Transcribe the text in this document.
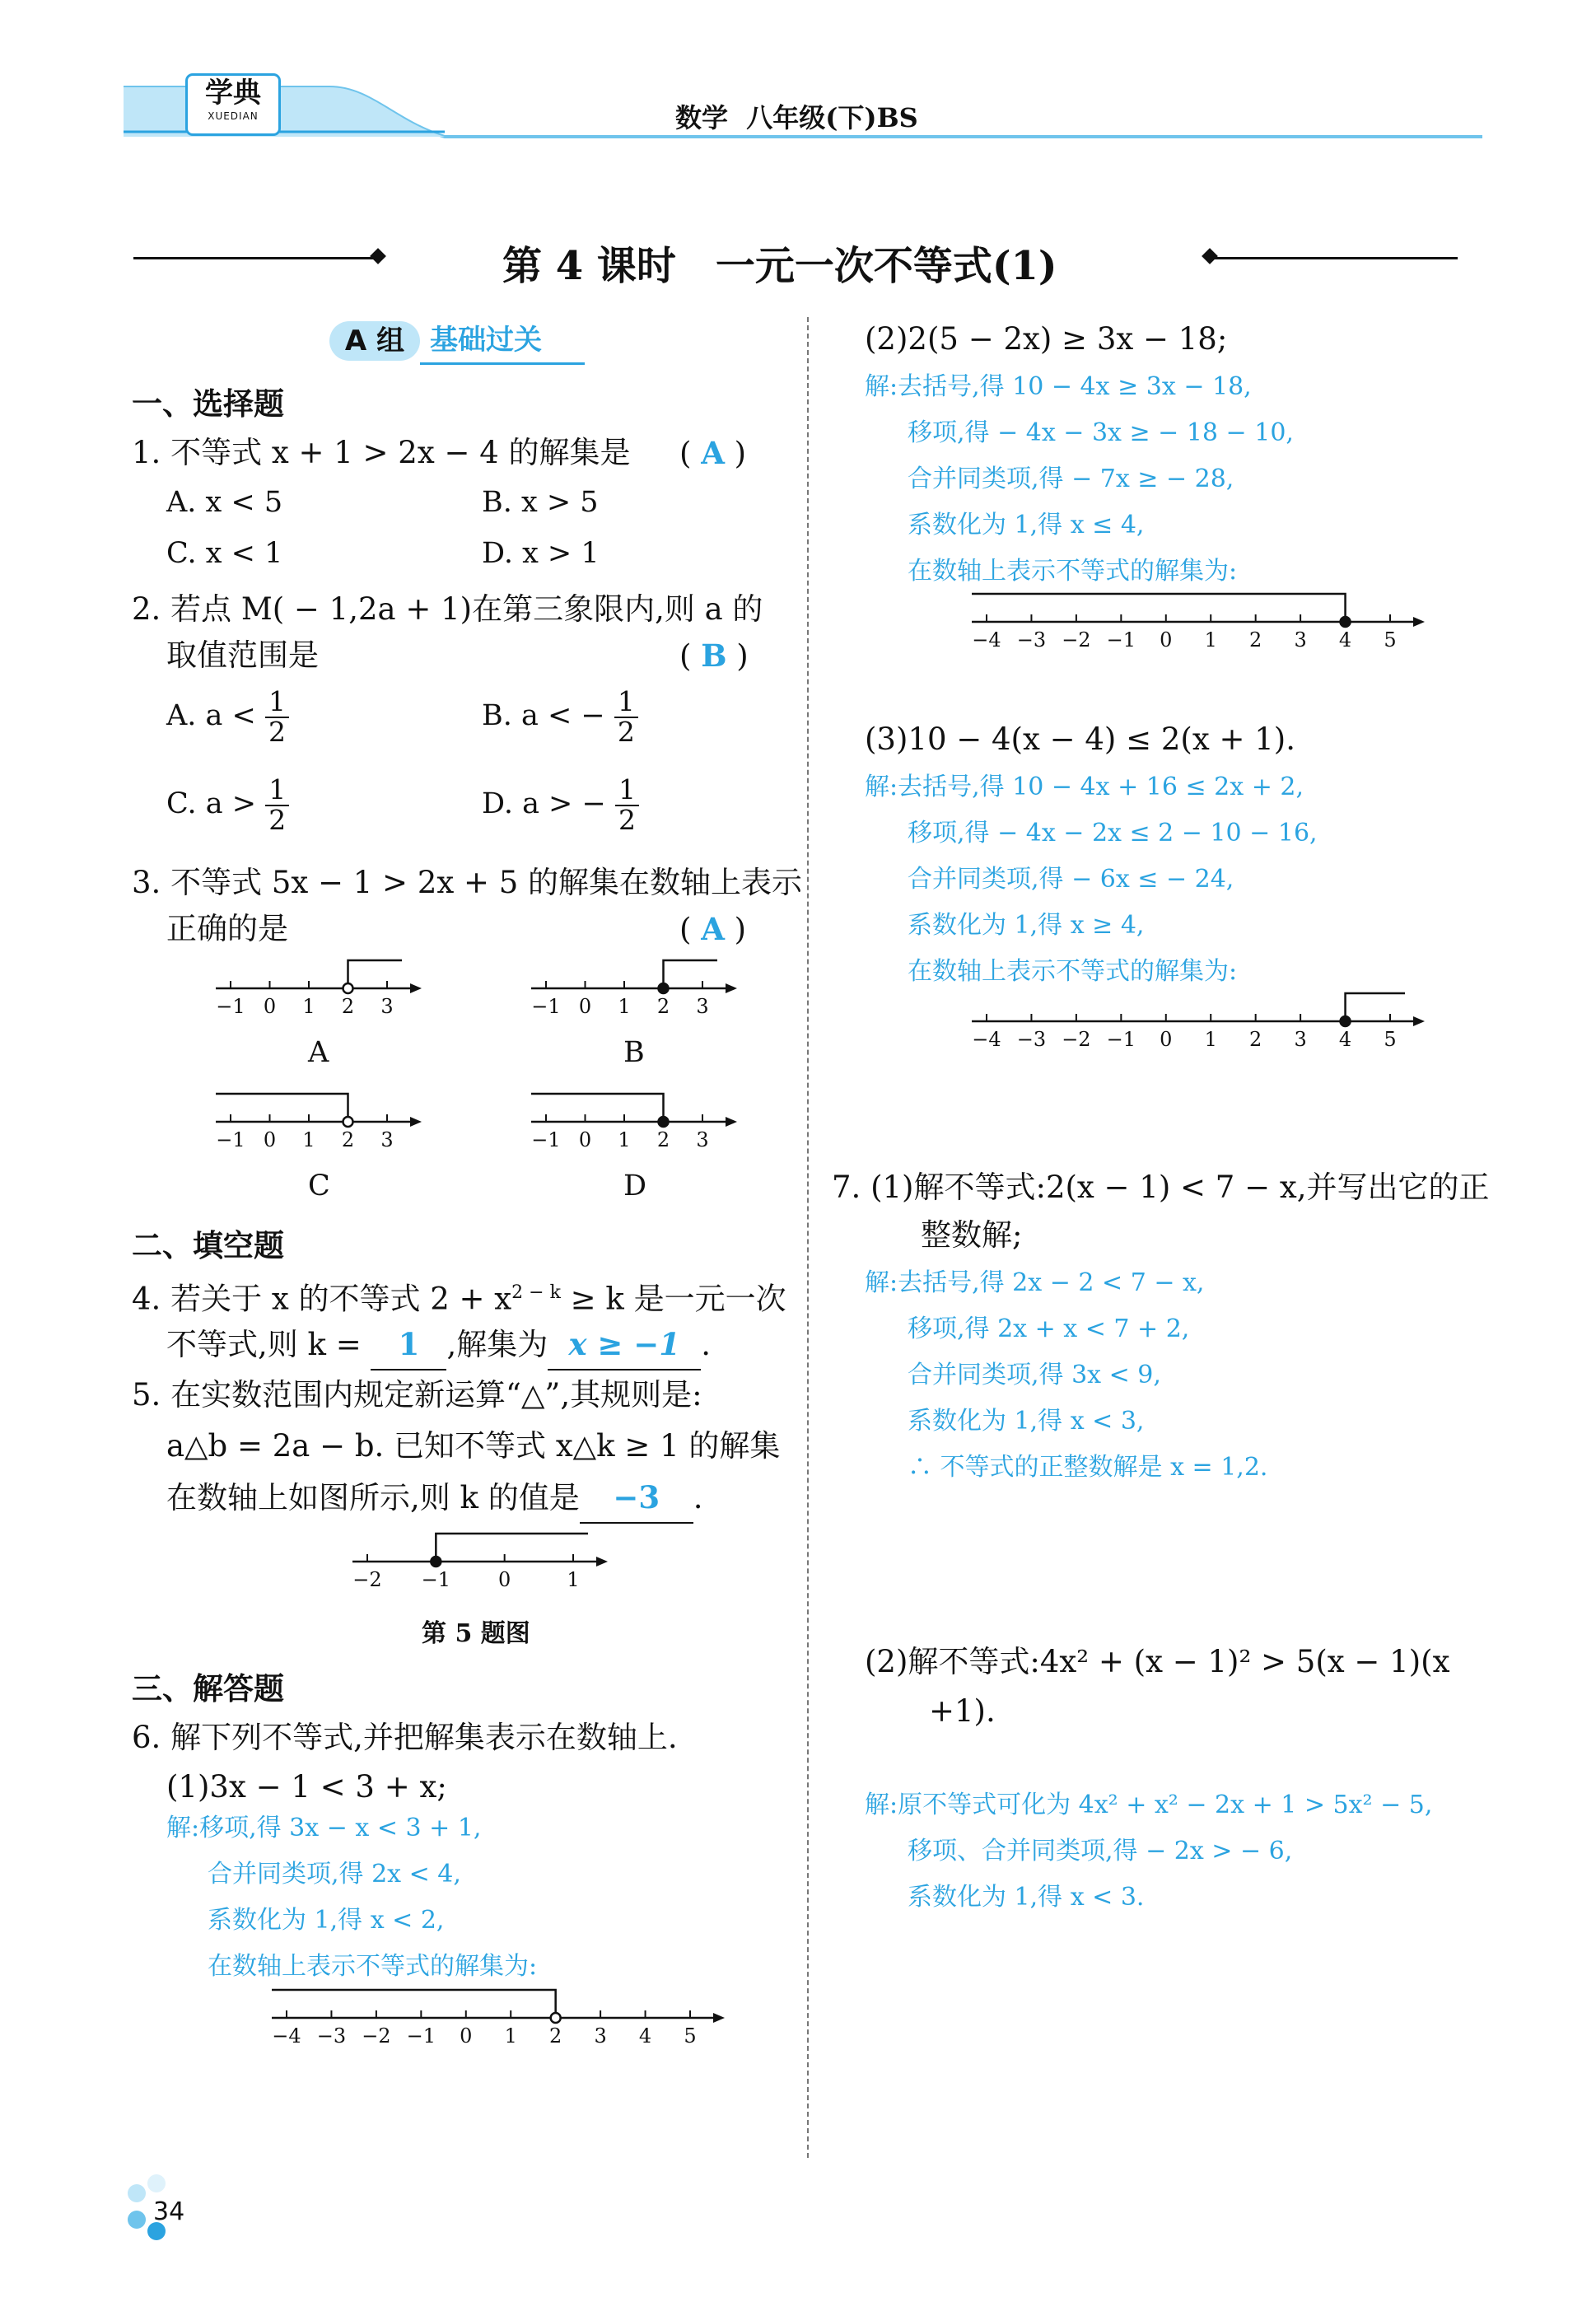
学典
XUEDIAN	数学  八年级(下)BS
第 4 课时　一元一次不等式(1)
A 组 基础过关
一、选择题
1. 不等式 x + 1 > 2x − 4 的解集是 ( A )
A. x < 5	B. x > 5
C. x < 1	D. x > 1
2. 若点 M( − 1,2a + 1)在第三象限内,则 a 的
取值范围是	( B )
A. $a < \frac{1}{2}$	B. a < − $\frac{1}{2}$
C. $a > \frac{1}{2}$	D. a > − $\frac{1}{2}$
3. 不等式 5x − 1 > 2x + 5 的解集在数轴上表示
正确的是	( A )
−1 0 1 2 3	−1 0 1 2 3
−1 0 1 2 3	−1 0 1 2 3
A	B
C	D
二、填空题
4. 若关于 x 的不等式 $2 + x^{2 - k} \ge k$ 是一元一次
不等式,则 k = 1 ,解集为 x ≥ −1 .
5. 在实数范围内规定新运算“△”,其规则是:
a△b = 2a − b. 已知不等式 x△k ≥ 1 的解集
在数轴上如图所示,则 k 的值是 −3 .
−2 −1 0	1
第 5 题图
三、解答题
6. 解下列不等式,并把解集表示在数轴上.
(1)3x − 1 < 3 + x;
解:移项,得 3x − x < 3 + 1,
合并同类项,得 2x < 4,
系数化为 1,得 x < 2,
在数轴上表示不等式的解集为:
−4 −3 −2 −1 0 1 2 3 4 5
(2)2(5 − 2x) ≥ 3x − 18;
解:去括号,得 10 − 4x ≥ 3x − 18,
移项,得 − 4x − 3x ≥ − 18 − 10,
合并同类项,得 − 7x ≥ − 28,
系数化为 1,得 x ≤ 4,
在数轴上表示不等式的解集为:
−4 −3 −2 −1 0 1 2 3 4 5
(3)10 − 4(x − 4) ≤ 2(x + 1).
解:去括号,得 10 − 4x + 16 ≤ 2x + 2,
移项,得 − 4x − 2x ≤ 2 − 10 − 16,
合并同类项,得 − 6x ≤ − 24,
系数化为 1,得 x ≥ 4,
在数轴上表示不等式的解集为:
−4 −3 −2 −1 0 1 2 3 4 5
7. (1)解不等式:2(x − 1) < 7 − x,并写出它的正
整数解;
解:去括号,得 2x − 2 < 7 − x,
移项,得 2x + x < 7 + 2,
合并同类项,得 3x < 9,
系数化为 1,得 x < 3,
∴ 不等式的正整数解是 x = 1,2.
(2)解不等式:4x² + (x − 1)² > 5(x − 1)(x
+1).
解:原不等式可化为 4x² + x² − 2x + 1 > 5x² − 5,
移项、合并同类项,得 − 2x > − 6,
系数化为 1,得 x < 3.
34
